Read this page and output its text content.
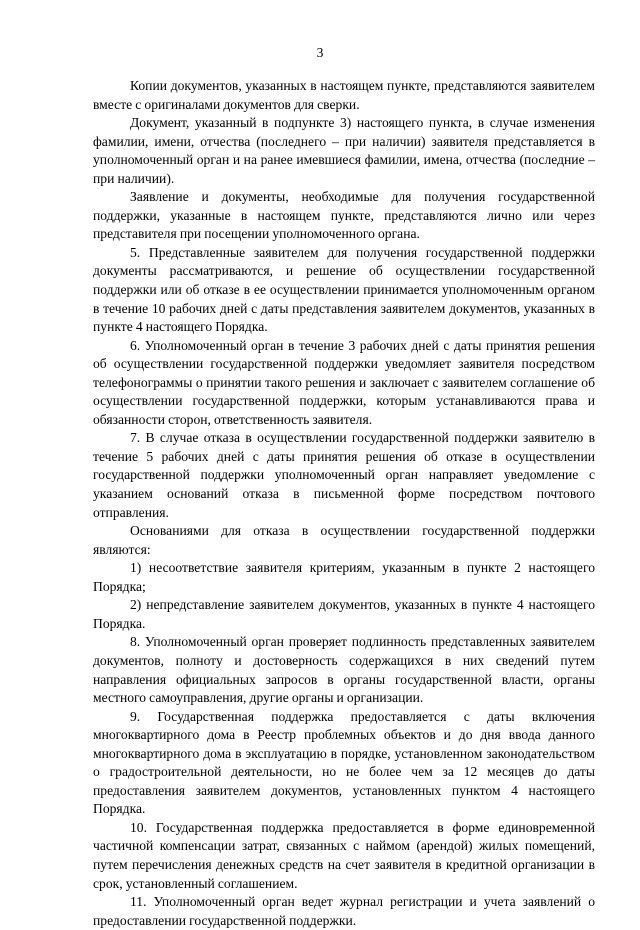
3

Копии документов, указанных в настоящем пункте, представляются заявителем вместе с оригиналами документов для сверки.

Документ, указанный в подпункте 3) настоящего пункта, в случае изменения фамилии, имени, отчества (последнего – при наличии) заявителя представляется в уполномоченный орган и на ранее имевшиеся фамилии, имена, отчества (последние – при наличии).

Заявление и документы, необходимые для получения государственной поддержки, указанные в настоящем пункте, представляются лично или через представителя при посещении уполномоченного органа.

5. Представленные заявителем для получения государственной поддержки документы рассматриваются, и решение об осуществлении государственной поддержки или об отказе в ее осуществлении принимается уполномоченным органом в течение 10 рабочих дней с даты представления заявителем документов, указанных в пункте 4 настоящего Порядка.

6. Уполномоченный орган в течение 3 рабочих дней с даты принятия решения об осуществлении государственной поддержки уведомляет заявителя посредством телефонограммы о принятии такого решения и заключает с заявителем соглашение об осуществлении государственной поддержки, которым устанавливаются права и обязанности сторон, ответственность заявителя.

7. В случае отказа в осуществлении государственной поддержки заявителю в течение 5 рабочих дней с даты принятия решения об отказе в осуществлении государственной поддержки уполномоченный орган направляет уведомление с указанием оснований отказа в письменной форме посредством почтового отправления.

Основаниями для отказа в осуществлении государственной поддержки являются:

1) несоответствие заявителя критериям, указанным в пункте 2 настоящего Порядка;

2) непредставление заявителем документов, указанных в пункте 4 настоящего Порядка.

8. Уполномоченный орган проверяет подлинность представленных заявителем документов, полноту и достоверность содержащихся в них сведений путем направления официальных запросов в органы государственной власти, органы местного самоуправления, другие органы и организации.

9. Государственная поддержка предоставляется с даты включения многоквартирного дома в Реестр проблемных объектов и до дня ввода данного многоквартирного дома в эксплуатацию в порядке, установленном законодательством о градостроительной деятельности, но не более чем за 12 месяцев до даты предоставления заявителем документов, установленных пунктом 4 настоящего Порядка.

10. Государственная поддержка предоставляется в форме единовременной частичной компенсации затрат, связанных с наймом (арендой) жилых помещений, путем перечисления денежных средств на счет заявителя в кредитной организации в срок, установленный соглашением.

11. Уполномоченный орган ведет журнал регистрации и учета заявлений о предоставлении государственной поддержки.
